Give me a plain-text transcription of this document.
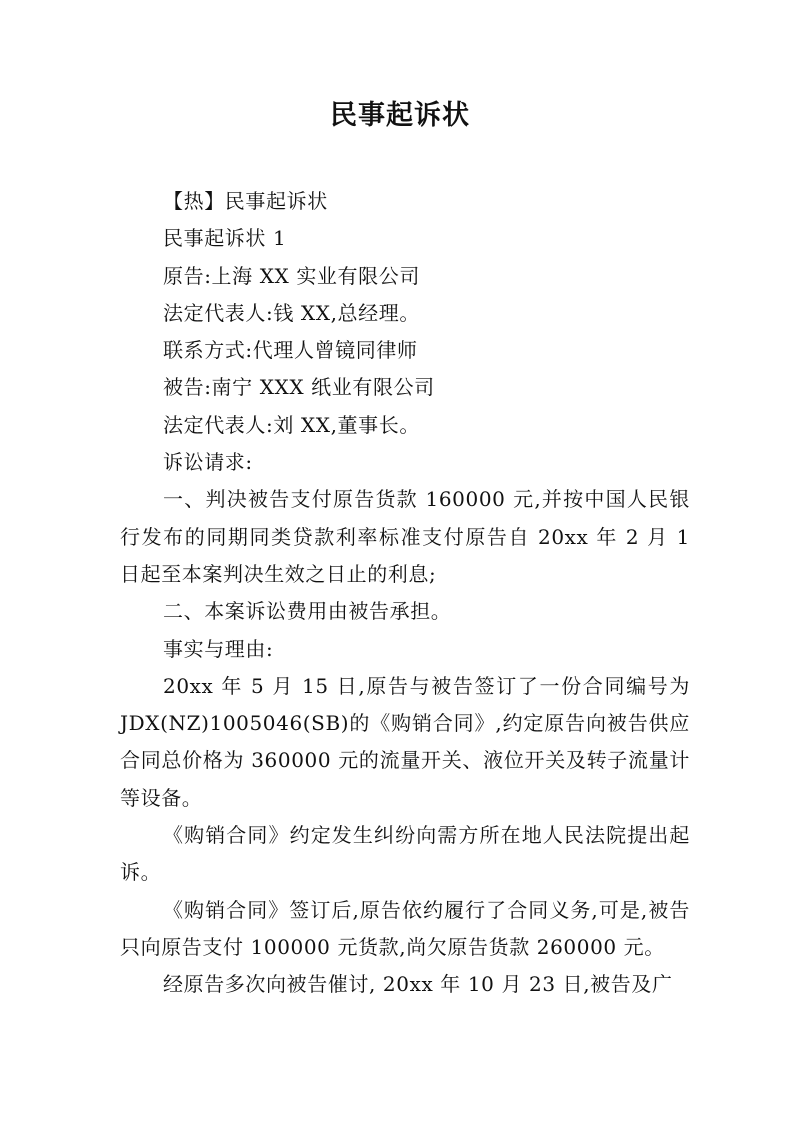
民事起诉状

【热】民事起诉状

民事起诉状 1

原告:上海 XX 实业有限公司

法定代表人:钱 XX,总经理。

联系方式:代理人曾镜同律师

被告:南宁 XXX 纸业有限公司

法定代表人:刘 XX,董事长。

诉讼请求:

一、判决被告支付原告货款 160000 元,并按中国人民银行发布的同期同类贷款利率标准支付原告自 20xx 年 2 月 1 日起至本案判决生效之日止的利息;

二、本案诉讼费用由被告承担。

事实与理由:

20xx 年 5 月 15 日,原告与被告签订了一份合同编号为 JDX(NZ)1005046(SB)的《购销合同》,约定原告向被告供应合同总价格为 360000 元的流量开关、液位开关及转子流量计等设备。

《购销合同》约定发生纠纷向需方所在地人民法院提出起诉。

《购销合同》签订后,原告依约履行了合同义务,可是,被告只向原告支付 100000 元货款,尚欠原告货款 260000 元。

经原告多次向被告催讨, 20xx 年 10 月 23 日,被告及广
